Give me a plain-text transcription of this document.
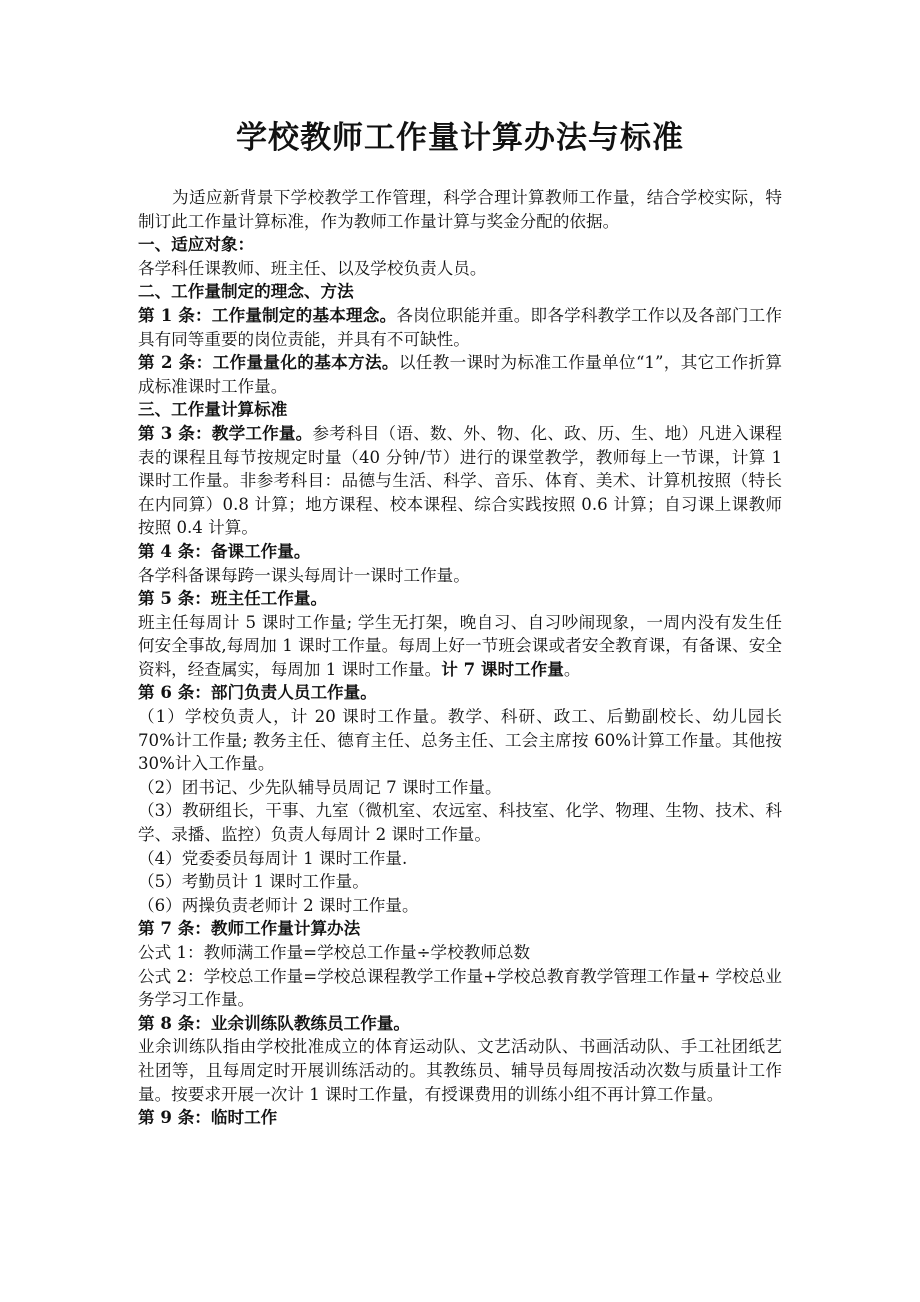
学校教师工作量计算办法与标准

为适应新背景下学校教学工作管理，科学合理计算教师工作量，结合学校实际，特制订此工作量计算标准，作为教师工作量计算与奖金分配的依据。

一、适应对象：

各学科任课教师、班主任、以及学校负责人员。

二、工作量制定的理念、方法

第 1 条：工作量制定的基本理念。各岗位职能并重。即各学科教学工作以及各部门工作具有同等重要的岗位责能，并具有不可缺性。

第 2 条：工作量量化的基本方法。以任教一课时为标准工作量单位“1”，其它工作折算成标准课时工作量。

三、工作量计算标准

第 3 条：教学工作量。参考科目（语、数、外、物、化、政、历、生、地）凡进入课程表的课程且每节按规定时量（40 分钟/节）进行的课堂教学，教师每上一节课，计算 1 课时工作量。非参考科目：品德与生活、科学、音乐、体育、美术、计算机按照（特长在内同算）0.8 计算；地方课程、校本课程、综合实践按照 0.6 计算；自习课上课教师按照 0.4 计算。

第 4 条：备课工作量。

各学科备课每跨一课头每周计一课时工作量。

第 5 条：班主任工作量。

班主任每周计 5 课时工作量; 学生无打架，晚自习、自习吵闹现象，一周内没有发生任何安全事故,每周加 1 课时工作量。每周上好一节班会课或者安全教育课，有备课、安全资料，经查属实，每周加 1 课时工作量。计 7 课时工作量。

第 6 条：部门负责人员工作量。

（1）学校负责人，计 20 课时工作量。教学、科研、政工、后勤副校长、幼儿园长 70%计工作量; 教务主任、德育主任、总务主任、工会主席按 60%计算工作量。其他按 30%计入工作量。

（2）团书记、少先队辅导员周记 7 课时工作量。

（3）教研组长，干事、九室（微机室、农远室、科技室、化学、物理、生物、技术、科学、录播、监控）负责人每周计 2 课时工作量。

（4）党委委员每周计 1 课时工作量.

（5）考勤员计 1 课时工作量。

（6）两操负责老师计 2 课时工作量。

第 7 条：教师工作量计算办法

公式 1：教师满工作量=学校总工作量÷学校教师总数

公式 2：学校总工作量=学校总课程教学工作量+学校总教育教学管理工作量+ 学校总业务学习工作量。

第 8 条：业余训练队教练员工作量。

业余训练队指由学校批准成立的体育运动队、文艺活动队、书画活动队、手工社团纸艺社团等，且每周定时开展训练活动的。其教练员、辅导员每周按活动次数与质量计工作量。按要求开展一次计 1 课时工作量，有授课费用的训练小组不再计算工作量。

第 9 条：临时工作
